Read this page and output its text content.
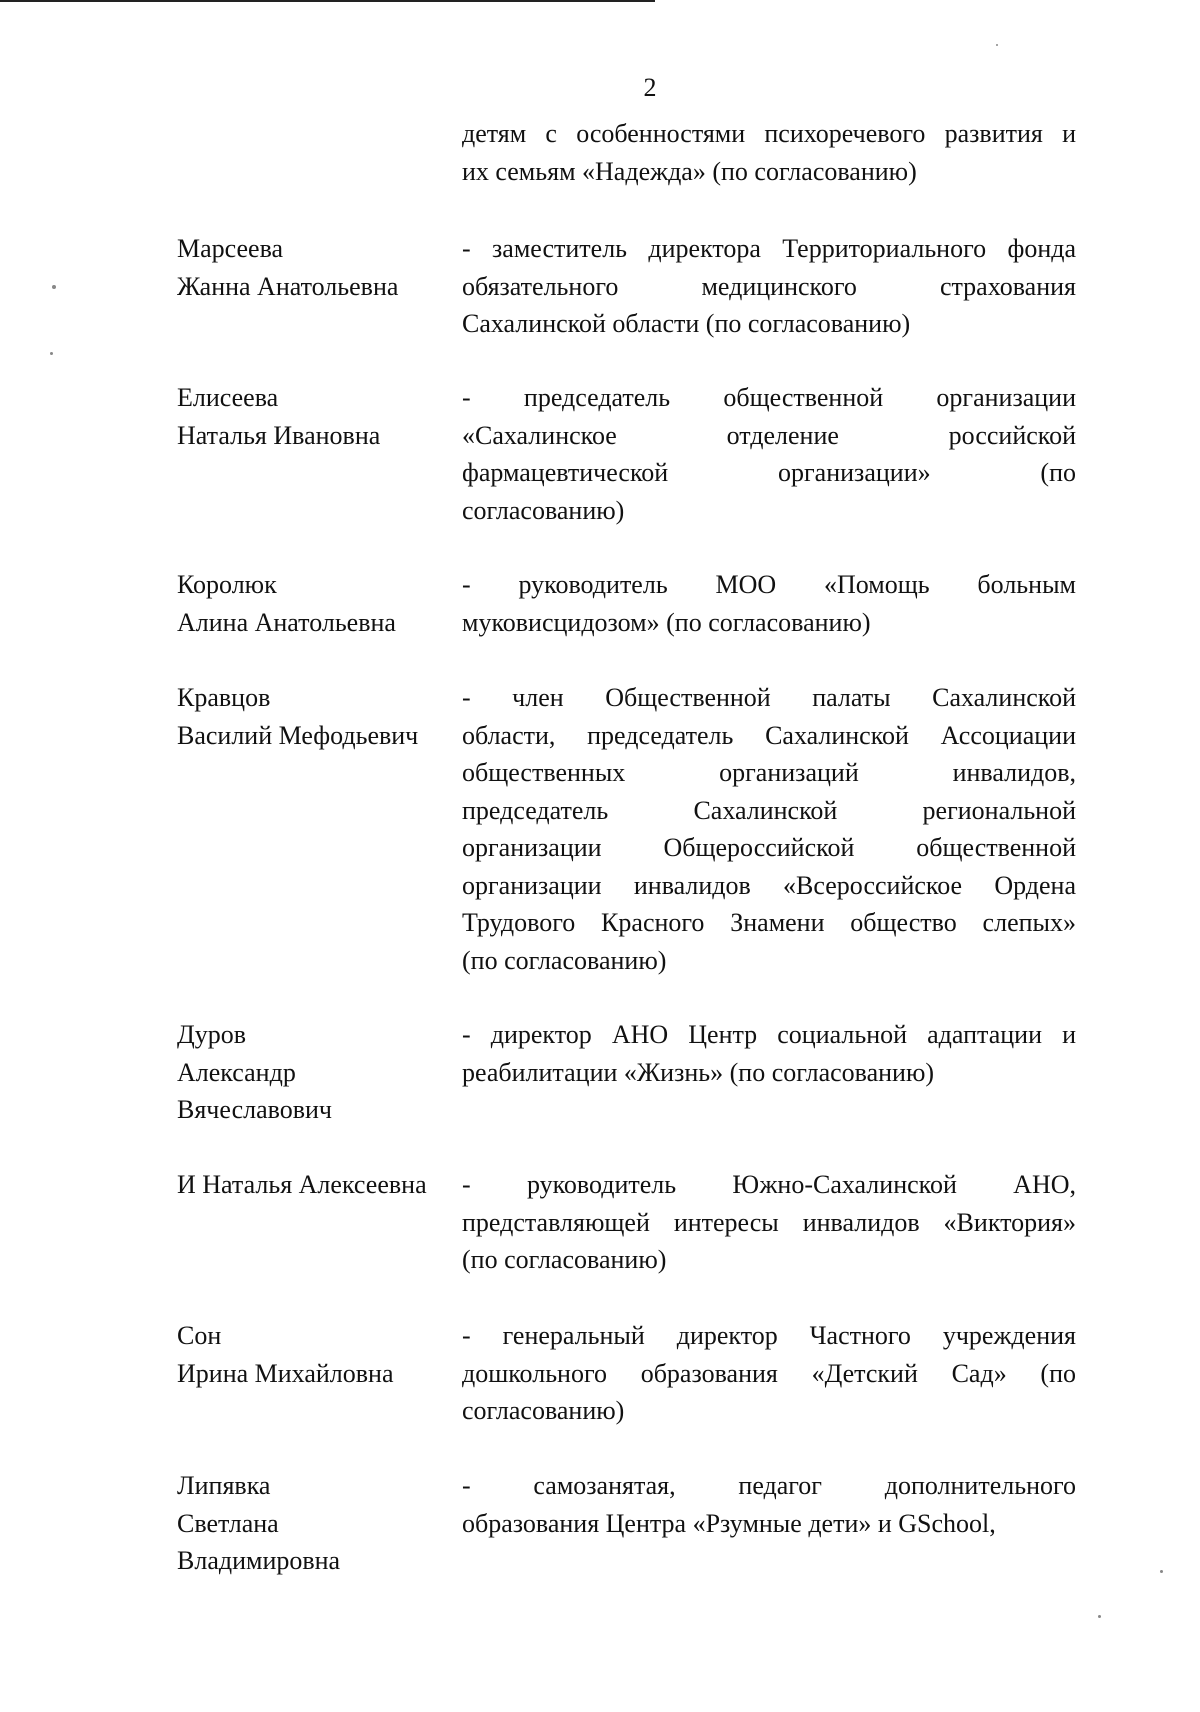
2
детям с особенностями психоречевого развития и
их семьям «Надежда» (по согласованию)
Марсеева
Жанна Анатольевна
- заместитель директора Территориального фонда
обязательного медицинского страхования
Сахалинской области (по согласованию)
Елисеева
Наталья Ивановна
- председатель общественной организации
«Сахалинское отделение российской
фармацевтической организации» (по
согласованию)
Королюк
Алина Анатольевна
- руководитель МОО «Помощь больным
муковисцидозом» (по согласованию)
Кравцов
Василий Мефодьевич
- член Общественной палаты Сахалинской
области, председатель Сахалинской Ассоциации
общественных организаций инвалидов,
председатель Сахалинской региональной
организации Общероссийской общественной
организации инвалидов «Всероссийское Ордена
Трудового Красного Знамени общество слепых»
(по согласованию)
Дуров
Александр
Вячеславович
- директор АНО Центр социальной адаптации и
реабилитации «Жизнь» (по согласованию)
И Наталья Алексеевна	- руководитель Южно-Сахалинской АНО,
представляющей интересы инвалидов «Виктория»
(по согласованию)
Сон
Ирина Михайловна
- генеральный директор Частного учреждения
дошкольного образования «Детский Сад» (по
согласованию)
Липявка
Светлана
Владимировна
- самозанятая, педагог дополнительного
образования Центра «Рзумные дети» и GSchool,
